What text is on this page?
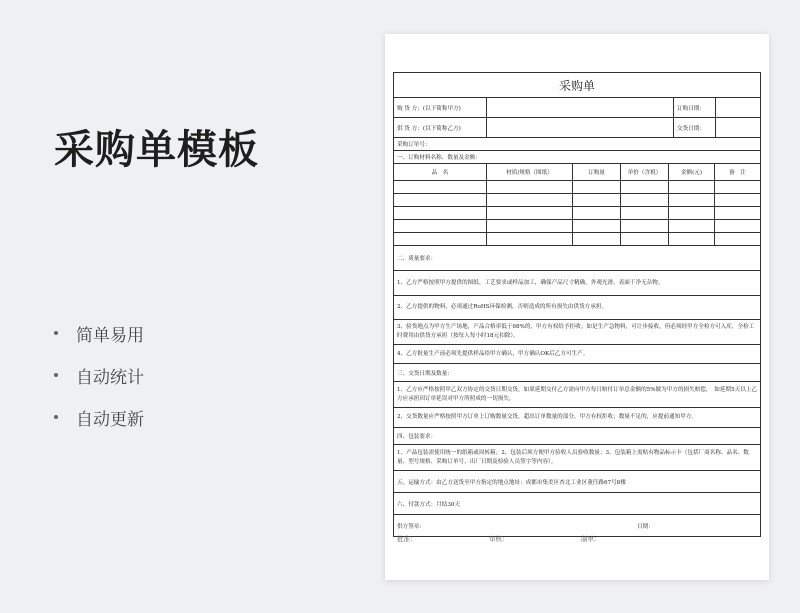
采购单模板
简单易用
自动统计
自动更新
采购单
购 货 方：(以下简称甲方)	订购日期：
供 货 方：(以下简称乙方)	交货日期：
采购订单号：
一、订购材料名称、数量及金额：
品　名	材质/规格（图纸）	订购量	单价（含税）	金额(元)	备　注
二、质量要求：
1、乙方严格按照甲方提供的图纸、工艺要求或样品加工，确保产品尺寸精确，外观光滑、表面干净无杂物。
2、乙方提供的物料，必须通过RoHS环保检测，否则造成的所有损失由供货方承担。
3、验货地点为甲方生产场地，产品合格率低于98%的，甲方有权给予拒收；如是生产急物料，可让步接收，但必须经甲方全检方可入库，全检工时费用由供货方承担（按每人每小时18元扣除）。
4、乙方批量生产前必须先提供样品给甲方确认，甲方确认OK后乙方可生产。
三、交货日期及数量：
1、乙方应严格按照甲乙双方协定的交货日期交货，如果延期交付乙方需向甲方每日赔付订单总金额的5%做为甲方的损失赔偿，　如延期5天以上乙方应承担因订单延误对甲方所照成的一切损失。
2、交货数量应严格按照甲方订单上订购数量交货，超出订单数量的部分，甲方有权拒收；数量不足的，应提前通知甲方。
四、包装要求：
1、产品包装需使用统一的纸箱或周转箱；2、包装后须方便甲方验收人员验收数量；3、包装箱上需贴有物品标示卡（包括厂商名称、品名、数量、型号规格、采购订单号、出厂日期及检验人员签字等内容）。
五、运输方式：由乙方送货至甲方指定的地点地址：成都市集美区杏北工业区董任路67号8楼
六、付款方式：月结30天
供方签章：	日期：
批准：	审核：	制单：
